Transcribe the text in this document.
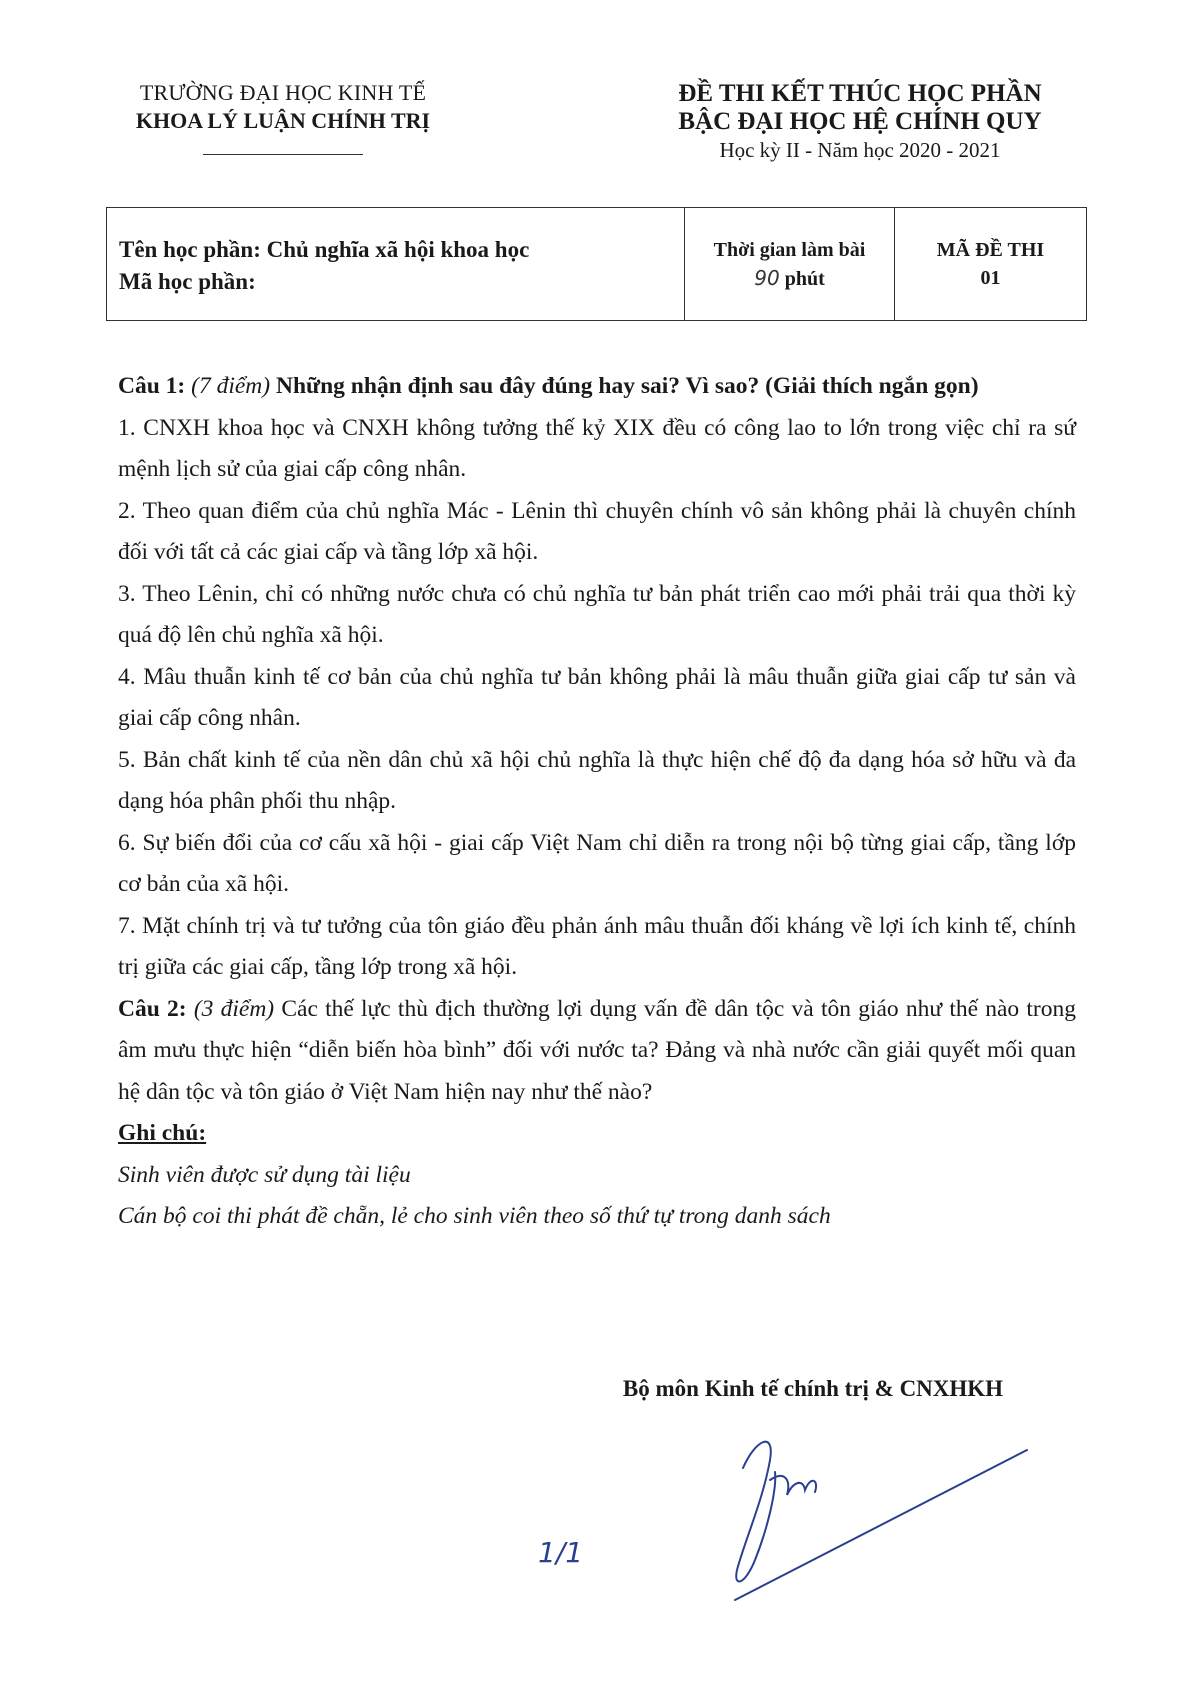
TRƯỜNG ĐẠI HỌC KINH TẾ
KHOA LÝ LUẬN CHÍNH TRỊ
ĐỀ THI KẾT THÚC HỌC PHẦN
BẬC ĐẠI HỌC HỆ CHÍNH QUY
Học kỳ II - Năm học 2020 - 2021
Tên học phần: Chủ nghĩa xã hội khoa học
Mã học phần:
Thời gian làm bài
90 phút
MÃ ĐỀ THI
01

Câu 1: (7 điểm) Những nhận định sau đây đúng hay sai? Vì sao? (Giải thích ngắn gọn)

1. CNXH khoa học và CNXH không tưởng thế kỷ XIX đều có công lao to lớn trong việc chỉ ra sứ mệnh lịch sử của giai cấp công nhân.

2. Theo quan điểm của chủ nghĩa Mác - Lênin thì chuyên chính vô sản không phải là chuyên chính đối với tất cả các giai cấp và tầng lớp xã hội.

3. Theo Lênin, chỉ có những nước chưa có chủ nghĩa tư bản phát triển cao mới phải trải qua thời kỳ quá độ lên chủ nghĩa xã hội.

4. Mâu thuẫn kinh tế cơ bản của chủ nghĩa tư bản không phải là mâu thuẫn giữa giai cấp tư sản và giai cấp công nhân.

5. Bản chất kinh tế của nền dân chủ xã hội chủ nghĩa là thực hiện chế độ đa dạng hóa sở hữu và đa dạng hóa phân phối thu nhập.

6. Sự biến đổi của cơ cấu xã hội - giai cấp Việt Nam chỉ diễn ra trong nội bộ từng giai cấp, tầng lớp cơ bản của xã hội.

7. Mặt chính trị và tư tưởng của tôn giáo đều phản ánh mâu thuẫn đối kháng về lợi ích kinh tế, chính trị giữa các giai cấp, tầng lớp trong xã hội.

Câu 2: (3 điểm) Các thế lực thù địch thường lợi dụng vấn đề dân tộc và tôn giáo như thế nào trong âm mưu thực hiện “diễn biến hòa bình” đối với nước ta? Đảng và nhà nước cần giải quyết mối quan hệ dân tộc và tôn giáo ở Việt Nam hiện nay như thế nào?

Ghi chú:

Sinh viên được sử dụng tài liệu

Cán bộ coi thi phát đề chẵn, lẻ cho sinh viên theo số thứ tự trong danh sách

Bộ môn Kinh tế chính trị & CNXHKH
1/1
